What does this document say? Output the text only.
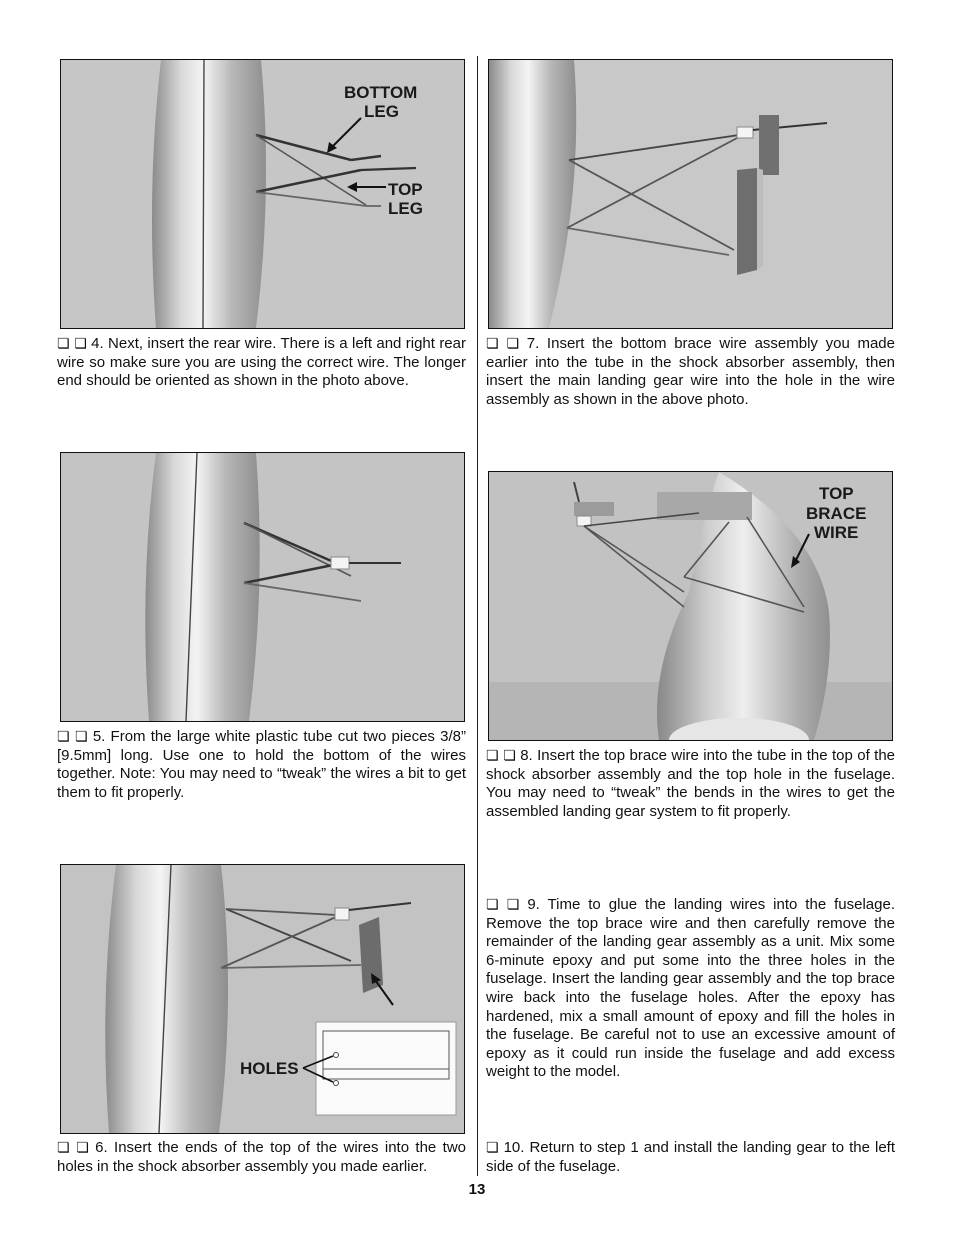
BOTTOM
LEG
TOP
LEG
❏ ❏ 4. Next, insert the rear wire. There is a left and right rear wire so make sure you are using the correct wire. The longer end should be oriented as shown in the photo above.
❏ ❏ 5. From the large white plastic tube cut two pieces 3/8” [9.5mm] long. Use one to hold the bottom of the wires together. Note: You may need to “tweak” the wires a bit to get them to fit properly.
HOLES
❏ ❏ 6. Insert the ends of the top of the wires into the two holes in the shock absorber assembly you made earlier.
❏ ❏ 7. Insert the bottom brace wire assembly you made earlier into the tube in the shock absorber assembly, then insert the main landing gear wire into the hole in the wire assembly as shown in the above photo.
TOP
BRACE
WIRE
❏ ❏ 8. Insert the top brace wire into the tube in the top of the shock absorber assembly and the top hole in the fuselage. You may need to “tweak” the bends in the wires to get the assembled landing gear system to fit properly.
❏ ❏ 9. Time to glue the landing wires into the fuselage. Remove the top brace wire and then carefully remove the remainder of the landing gear assembly as a unit. Mix some 6-minute epoxy and put some into the three holes in the fuselage. Insert the landing gear assembly and the top brace wire back into the fuselage holes. After the epoxy has hardened, mix a small amount of epoxy and fill the holes in the fuselage. Be careful not to use an excessive amount of epoxy as it could run inside the fuselage and add excess weight to the model.
❏ 10. Return to step 1 and install the landing gear to the left side of the fuselage.
13
